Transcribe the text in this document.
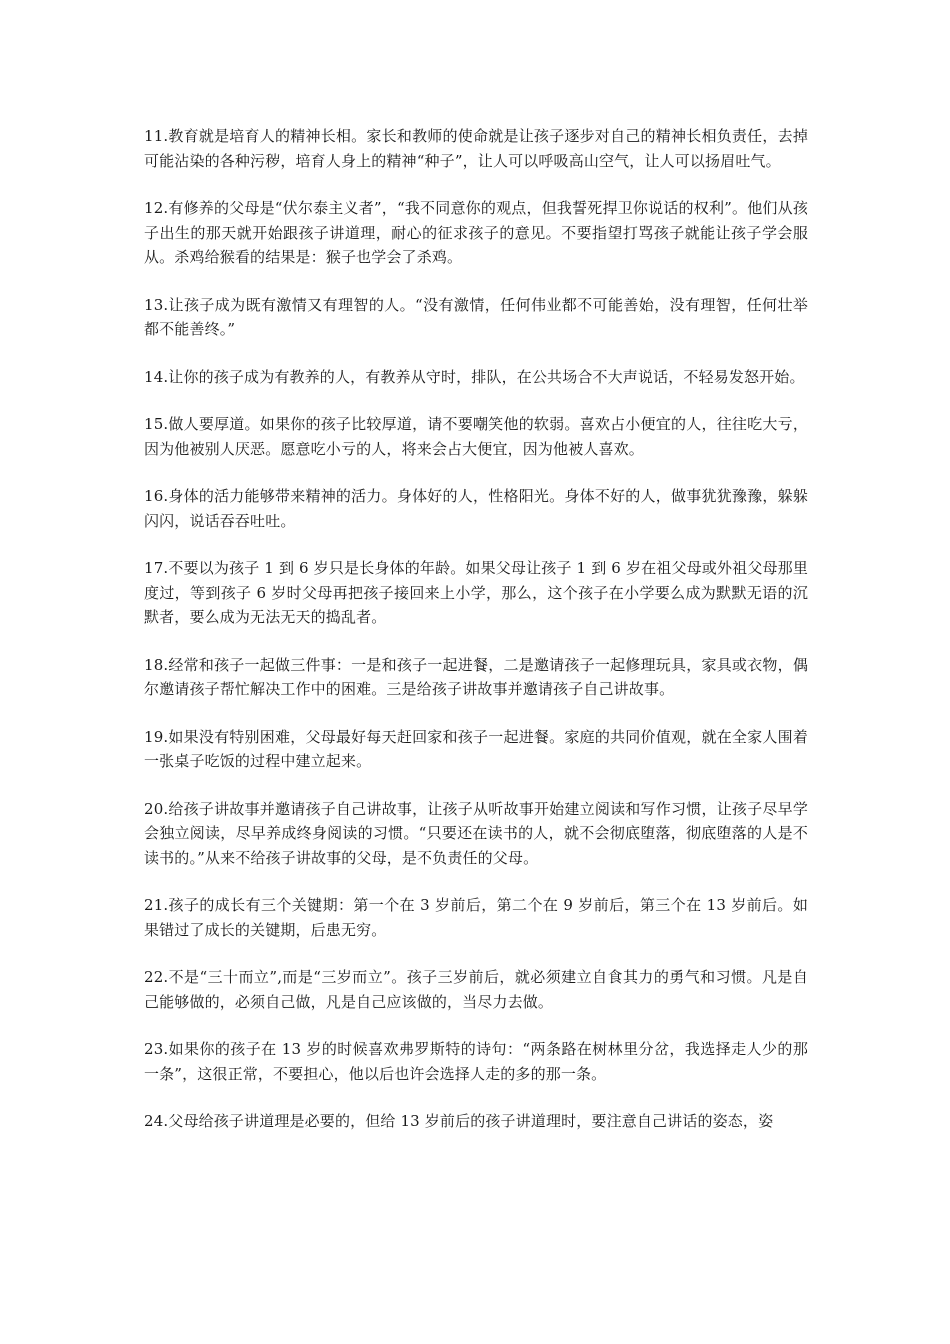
11.教育就是培育人的精神长相。家长和教师的使命就是让孩子逐步对自己的精神长相负责任，去掉可能沾染的各种污秽，培育人身上的精神“种子”，让人可以呼吸高山空气，让人可以扬眉吐气。

12.有修养的父母是“伏尔泰主义者”，“我不同意你的观点，但我誓死捍卫你说话的权利”。他们从孩子出生的那天就开始跟孩子讲道理，耐心的征求孩子的意见。不要指望打骂孩子就能让孩子学会服从。杀鸡给猴看的结果是：猴子也学会了杀鸡。

13.让孩子成为既有激情又有理智的人。“没有激情，任何伟业都不可能善始，没有理智，任何壮举都不能善终。”

14.让你的孩子成为有教养的人，有教养从守时，排队，在公共场合不大声说话，不轻易发怒开始。

15.做人要厚道。如果你的孩子比较厚道，请不要嘲笑他的软弱。喜欢占小便宜的人，往往吃大亏，因为他被别人厌恶。愿意吃小亏的人，将来会占大便宜，因为他被人喜欢。

16.身体的活力能够带来精神的活力。身体好的人，性格阳光。身体不好的人，做事犹犹豫豫，躲躲闪闪，说话吞吞吐吐。

17.不要以为孩子 1 到 6 岁只是长身体的年龄。如果父母让孩子 1 到 6 岁在祖父母或外祖父母那里度过，等到孩子 6 岁时父母再把孩子接回来上小学，那么，这个孩子在小学要么成为默默无语的沉默者，要么成为无法无天的捣乱者。

18.经常和孩子一起做三件事：一是和孩子一起进餐，二是邀请孩子一起修理玩具，家具或衣物，偶尔邀请孩子帮忙解决工作中的困难。三是给孩子讲故事并邀请孩子自己讲故事。

19.如果没有特别困难，父母最好每天赶回家和孩子一起进餐。家庭的共同价值观，就在全家人围着一张桌子吃饭的过程中建立起来。

20.给孩子讲故事并邀请孩子自己讲故事，让孩子从听故事开始建立阅读和写作习惯，让孩子尽早学会独立阅读，尽早养成终身阅读的习惯。“只要还在读书的人，就不会彻底堕落，彻底堕落的人是不读书的。”从来不给孩子讲故事的父母，是不负责任的父母。

21.孩子的成长有三个关键期：第一个在 3 岁前后，第二个在 9 岁前后，第三个在 13 岁前后。如果错过了成长的关键期，后患无穷。

22.不是“三十而立”,而是“三岁而立”。孩子三岁前后，就必须建立自食其力的勇气和习惯。凡是自己能够做的，必须自己做，凡是自己应该做的，当尽力去做。

23.如果你的孩子在 13 岁的时候喜欢弗罗斯特的诗句：“两条路在树林里分岔，我选择走人少的那一条”，这很正常，不要担心，他以后也许会选择人走的多的那一条。

24.父母给孩子讲道理是必要的，但给 13 岁前后的孩子讲道理时，要注意自己讲话的姿态，姿
